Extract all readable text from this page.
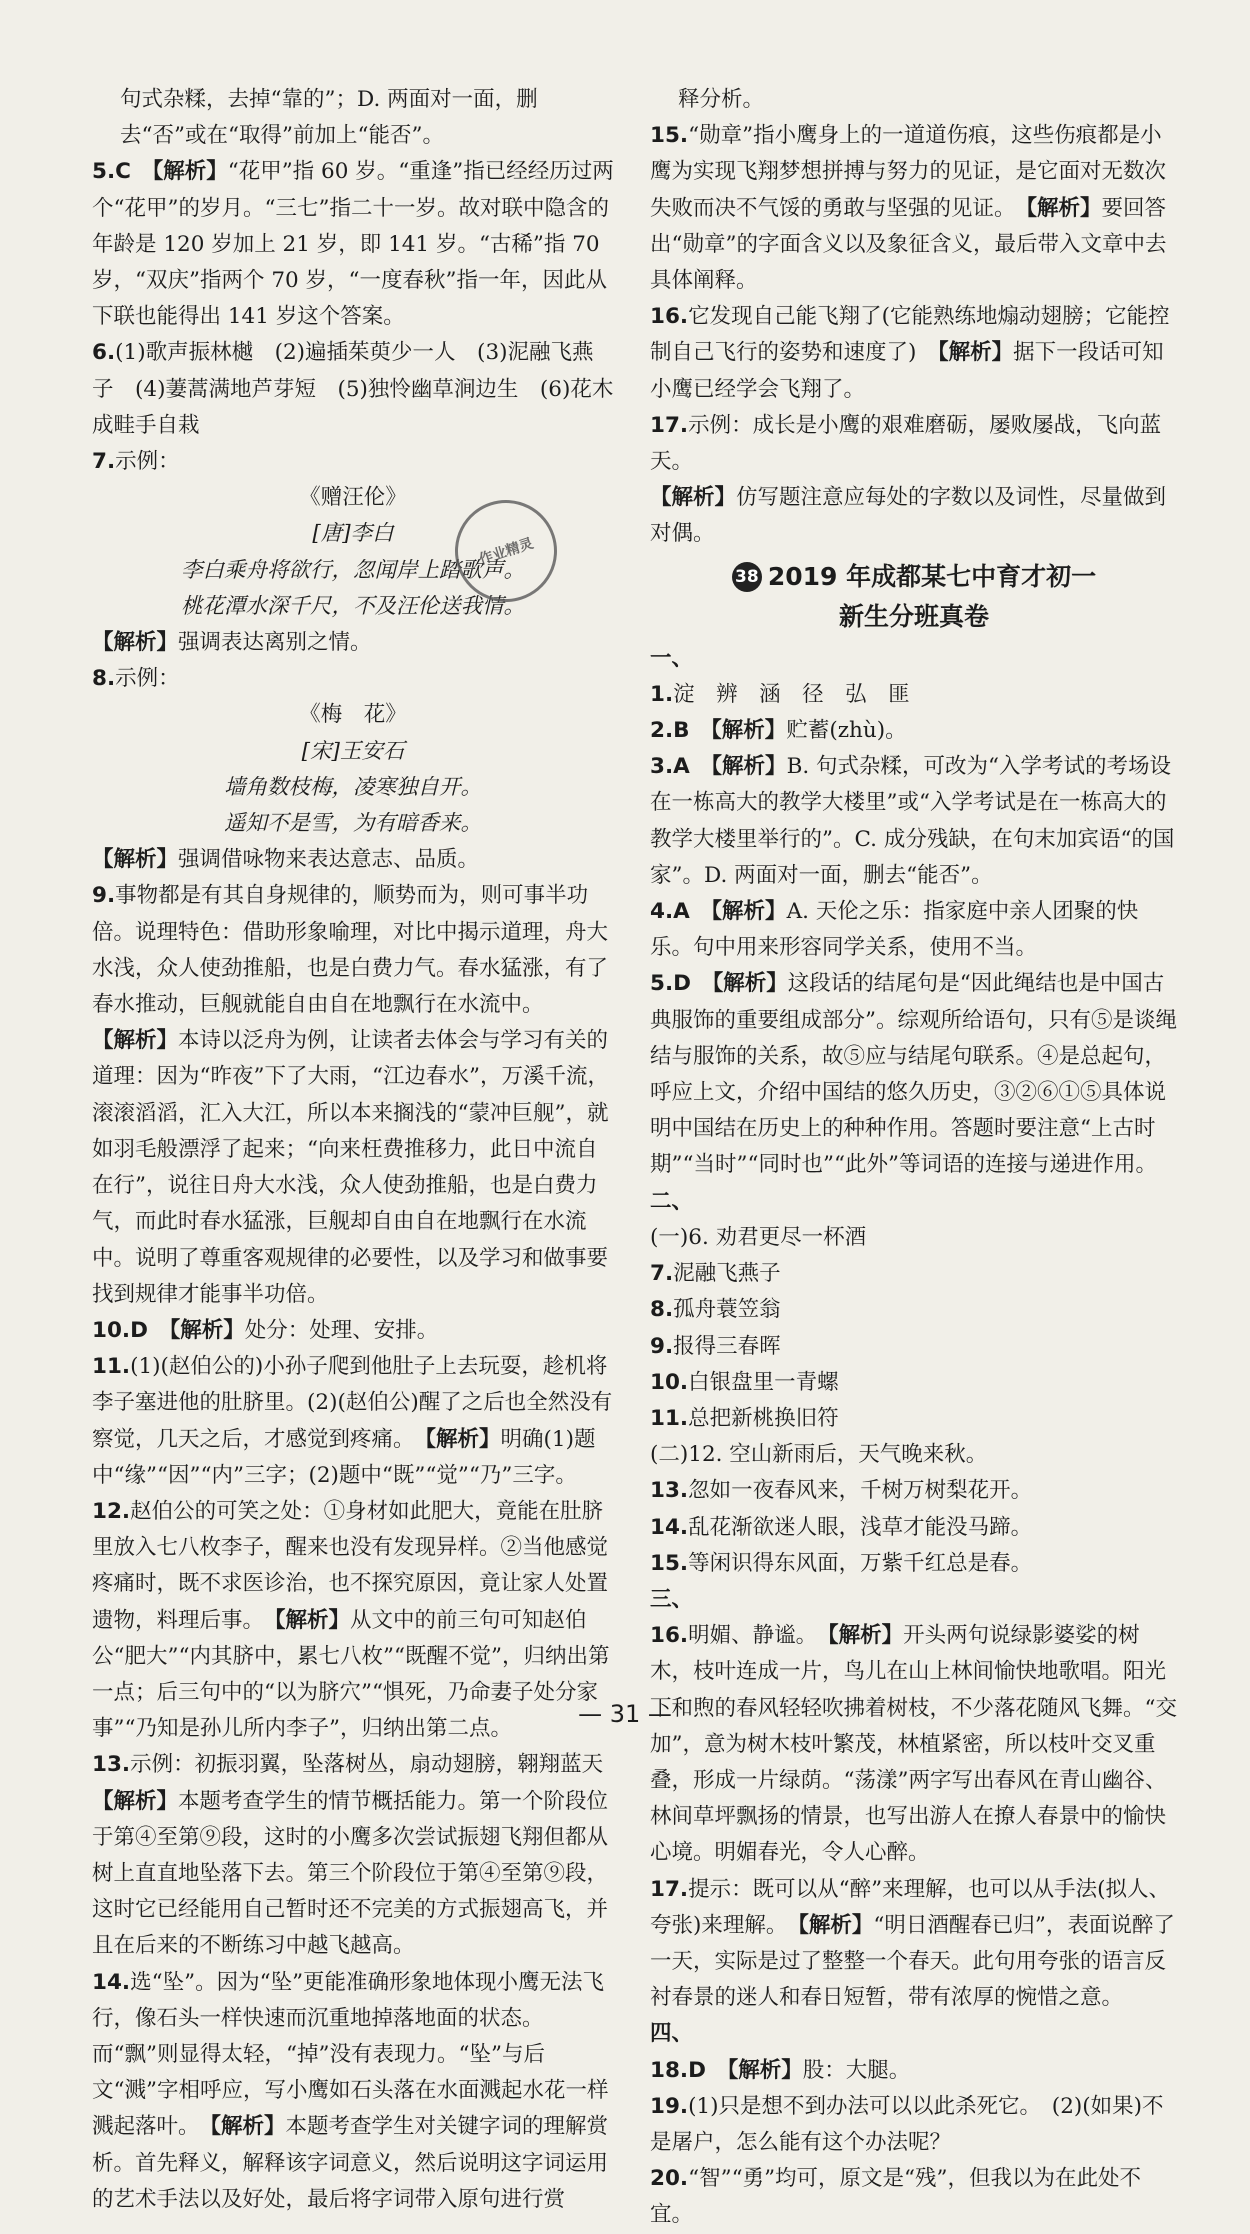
句式杂糅，去掉“靠的”；D. 两面对一面，删去“否”或在“取得”前加上“能否”。

5.C　 【解析】“花甲”指 60 岁。“重逢”指已经经历过两个“花甲”的岁月。“三七”指二十一岁。故对联中隐含的年龄是 120 岁加上 21 岁，即 141 岁。“古稀”指 70 岁，“双庆”指两个 70 岁，“一度春秋”指一年，因此从下联也能得出 141 岁这个答案。

6.(1)歌声振林樾　(2)遍插茱萸少一人　(3)泥融飞燕子　(4)萋蒿满地芦芽短　(5)独怜幽草涧边生　(6)花木成畦手自栽

7.示例：

《赠汪伦》

[唐]李白

李白乘舟将欲行，忽闻岸上踏歌声。

桃花潭水深千尺，不及汪伦送我情。

【解析】强调表达离别之情。

8.示例：

《梅　花》

[宋]王安石

墙角数枝梅，凌寒独自开。

遥知不是雪，为有暗香来。

【解析】强调借咏物来表达意志、品质。

9.事物都是有其自身规律的，顺势而为，则可事半功倍。说理特色：借助形象喻理，对比中揭示道理，舟大水浅，众人使劲推船，也是白费力气。春水猛涨，有了春水推动，巨舰就能自由自在地飘行在水流中。

【解析】本诗以泛舟为例，让读者去体会与学习有关的道理：因为“昨夜”下了大雨，“江边春水”，万溪千流，滚滚滔滔，汇入大江，所以本来搁浅的“蒙冲巨舰”，就如羽毛般漂浮了起来；“向来枉费推移力，此日中流自在行”，说往日舟大水浅，众人使劲推船，也是白费力气，而此时春水猛涨，巨舰却自由自在地飘行在水流中。说明了尊重客观规律的必要性，以及学习和做事要找到规律才能事半功倍。

10.D　 【解析】处分：处理、安排。

11.(1)(赵伯公的)小孙子爬到他肚子上去玩耍，趁机将李子塞进他的肚脐里。(2)(赵伯公)醒了之后也全然没有察觉，几天之后，才感觉到疼痛。　 【解析】明确(1)题中“缘”“因”“内”三字；(2)题中“既”“觉”“乃”三字。

12.赵伯公的可笑之处：①身材如此肥大，竟能在肚脐里放入七八枚李子，醒来也没有发现异样。②当他感觉疼痛时，既不求医诊治，也不探究原因，竟让家人处置遗物，料理后事。　 【解析】从文中的前三句可知赵伯公“肥大”“内其脐中，累七八枚”“既醒不觉”，归纳出第一点；后三句中的“以为脐穴”“惧死，乃命妻子处分家事”“乃知是孙儿所内李子”，归纳出第二点。

13.示例：初振羽翼，坠落树丛，扇动翅膀，翱翔蓝天

【解析】本题考查学生的情节概括能力。第一个阶段位于第④至第⑨段，这时的小鹰多次尝试振翅飞翔但都从树上直直地坠落下去。第三个阶段位于第④至第⑨段，这时它已经能用自己暂时还不完美的方式振翅高飞，并且在后来的不断练习中越飞越高。

14.选“坠”。因为“坠”更能准确形象地体现小鹰无法飞行，像石头一样快速而沉重地掉落地面的状态。而“飘”则显得太轻，“掉”没有表现力。“坠”与后文“溅”字相呼应，写小鹰如石头落在水面溅起水花一样溅起落叶。　 【解析】本题考查学生对关键字词的理解赏析。首先释义，解释该字词意义，然后说明这字词运用的艺术手法以及好处，最后将字词带入原句进行赏

释分析。

15.“勋章”指小鹰身上的一道道伤痕，这些伤痕都是小鹰为实现飞翔梦想拼搏与努力的见证，是它面对无数次失败而决不气馁的勇敢与坚强的见证。　 【解析】要回答出“勋章”的字面含义以及象征含义，最后带入文章中去具体阐释。

16.它发现自己能飞翔了(它能熟练地煽动翅膀；它能控制自己飞行的姿势和速度了)　 【解析】据下一段话可知小鹰已经学会飞翔了。

17.示例：成长是小鹰的艰难磨砺，屡败屡战，飞向蓝天。

【解析】仿写题注意应每处的字数以及词性，尽量做到对偶。

38 2019 年成都某七中育才初一
新生分班真卷

一、

1.淀　辨　涵　径　弘　匪

2.B　 【解析】贮蓄(zhù)。

3.A　 【解析】B. 句式杂糅，可改为“入学考试的考场设在一栋高大的教学大楼里”或“入学考试是在一栋高大的教学大楼里举行的”。C. 成分残缺，在句末加宾语“的国家”。D. 两面对一面，删去“能否”。

4.A　 【解析】A. 天伦之乐：指家庭中亲人团聚的快乐。句中用来形容同学关系，使用不当。

5.D　 【解析】这段话的结尾句是“因此绳结也是中国古典服饰的重要组成部分”。综观所给语句，只有⑤是谈绳结与服饰的关系，故⑤应与结尾句联系。④是总起句，呼应上文，介绍中国结的悠久历史，③②⑥①⑤具体说明中国结在历史上的种种作用。答题时要注意“上古时期”“当时”“同时也”“此外”等词语的连接与递进作用。

二、

(一)6. 劝君更尽一杯酒

7.泥融飞燕子

8.孤舟蓑笠翁

9.报得三春晖

10.白银盘里一青螺

11.总把新桃换旧符

(二)12. 空山新雨后，天气晚来秋。

13.忽如一夜春风来，千树万树梨花开。

14.乱花渐欲迷人眼，浅草才能没马蹄。

15.等闲识得东风面，万紫千红总是春。

三、

16.明媚、静谧。　 【解析】开头两句说绿影婆娑的树木，枝叶连成一片，鸟儿在山上林间愉快地歌唱。阳光下和煦的春风轻轻吹拂着树枝，不少落花随风飞舞。“交加”，意为树木枝叶繁茂，林植紧密，所以枝叶交叉重叠，形成一片绿荫。“荡漾”两字写出春风在青山幽谷、林间草坪飘扬的情景，也写出游人在撩人春景中的愉快心境。明媚春光，令人心醉。

17.提示：既可以从“醉”来理解，也可以从手法(拟人、夸张)来理解。　 【解析】“明日酒醒春已归”，表面说醉了一天，实际是过了整整一个春天。此句用夸张的语言反衬春景的迷人和春日短暂，带有浓厚的惋惜之意。

四、

18.D　 【解析】股：大腿。

19.(1)只是想不到办法可以以此杀死它。　(2)(如果)不是屠户，怎么能有这个办法呢？

20.“智”“勇”均可，原文是“残”，但我以为在此处不宜。

作业精灵
— 31 —
